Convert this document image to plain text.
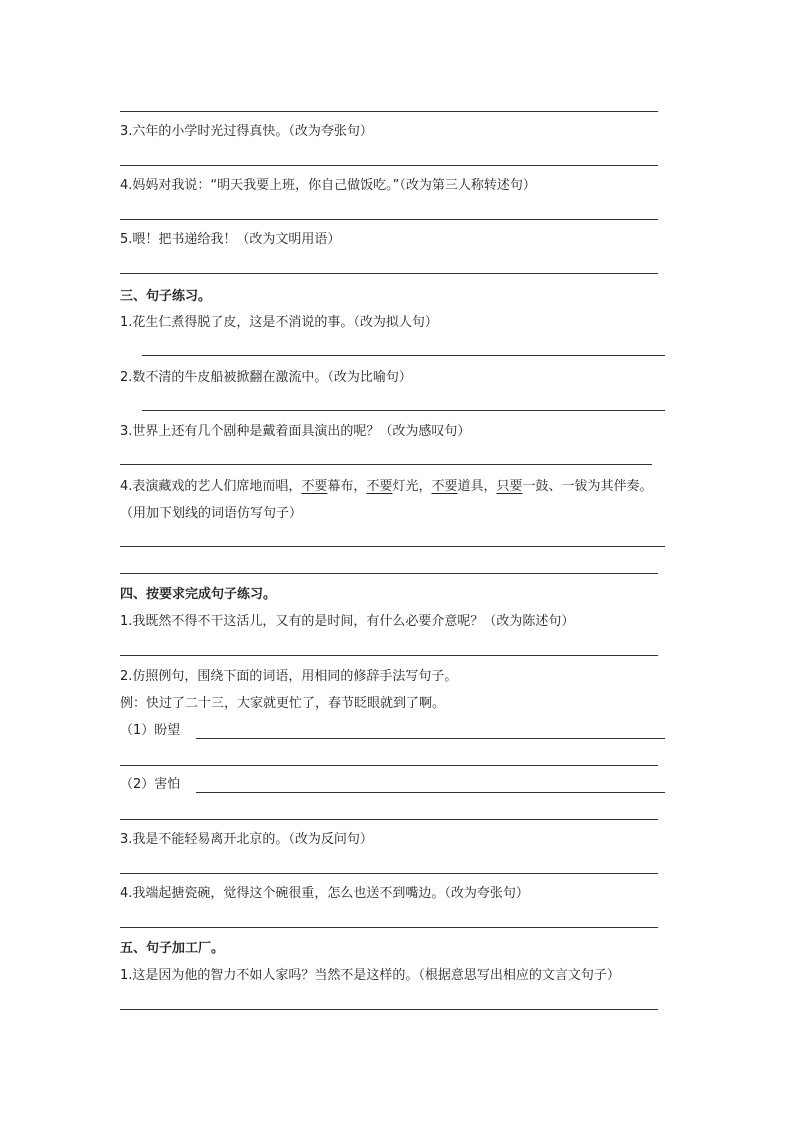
3.六年的小学时光过得真快。（改为夸张句）
4.妈妈对我说：“明天我要上班，你自己做饭吃。”（改为第三人称转述句）
5.喂！把书递给我！（改为文明用语）
三、句子练习。
1.花生仁煮得脱了皮，这是不消说的事。（改为拟人句）
2.数不清的牛皮船被掀翻在激流中。（改为比喻句）
3.世界上还有几个剧种是戴着面具演出的呢？（改为感叹句）
4.表演藏戏的艺人们席地而唱，不要幕布，不要灯光，不要道具，只要一鼓、一钹为其伴奏。
（用加下划线的词语仿写句子）
四、按要求完成句子练习。
1.我既然不得不干这活儿，又有的是时间，有什么必要介意呢？（改为陈述句）
2.仿照例句，围绕下面的词语，用相同的修辞手法写句子。
例：快过了二十三，大家就更忙了，春节眨眼就到了啊。
（1）盼望
（2）害怕
3.我是不能轻易离开北京的。（改为反问句）
4.我端起搪瓷碗，觉得这个碗很重，怎么也送不到嘴边。（改为夸张句）
五、句子加工厂。
1.这是因为他的智力不如人家吗？当然不是这样的。（根据意思写出相应的文言文句子）
